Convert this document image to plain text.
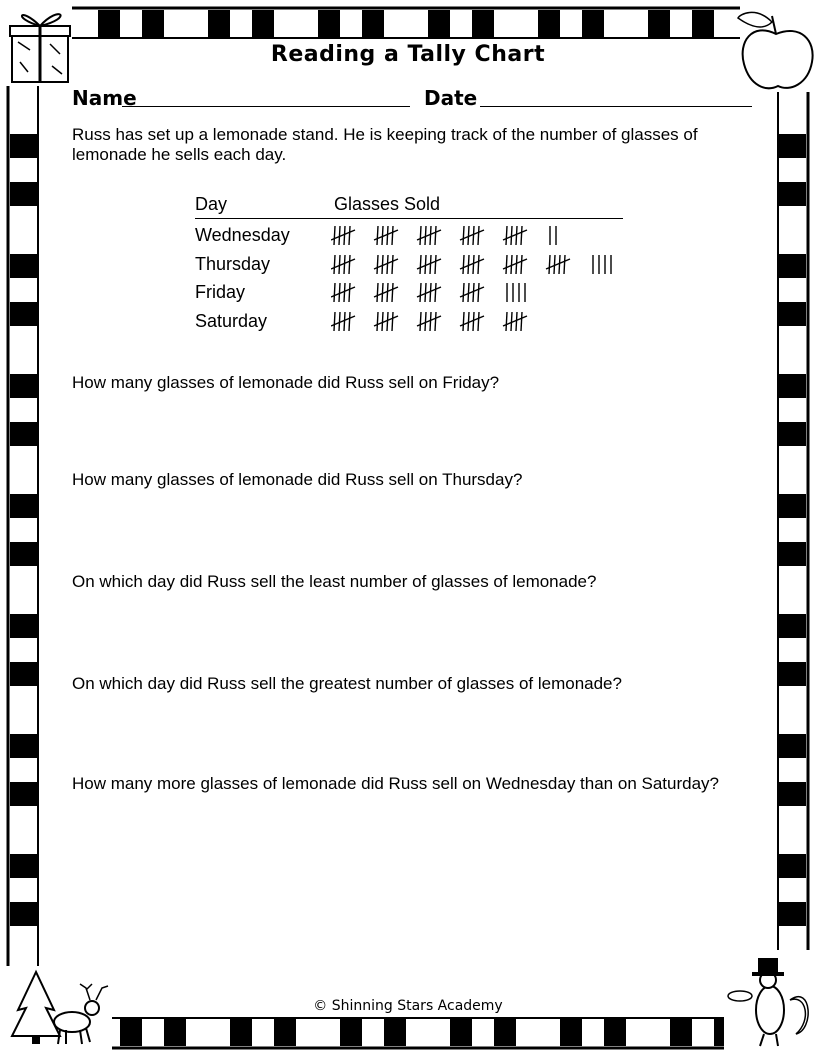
Reading a Tally Chart
Name	Date
Russ has set up a lemonade stand. He is keeping track of the number of glasses of lemonade he sells each day.
Day	Glasses Sold
Wednesday
Thursday
Friday
Saturday
How many glasses of lemonade did Russ sell on Friday?
How many glasses of lemonade did Russ sell on Thursday?
On which day did Russ sell the least number of glasses of lemonade?
On which day did Russ sell the greatest number of glasses of lemonade?
How many more glasses of lemonade did Russ sell on Wednesday than on Saturday?
© Shinning Stars Academy
